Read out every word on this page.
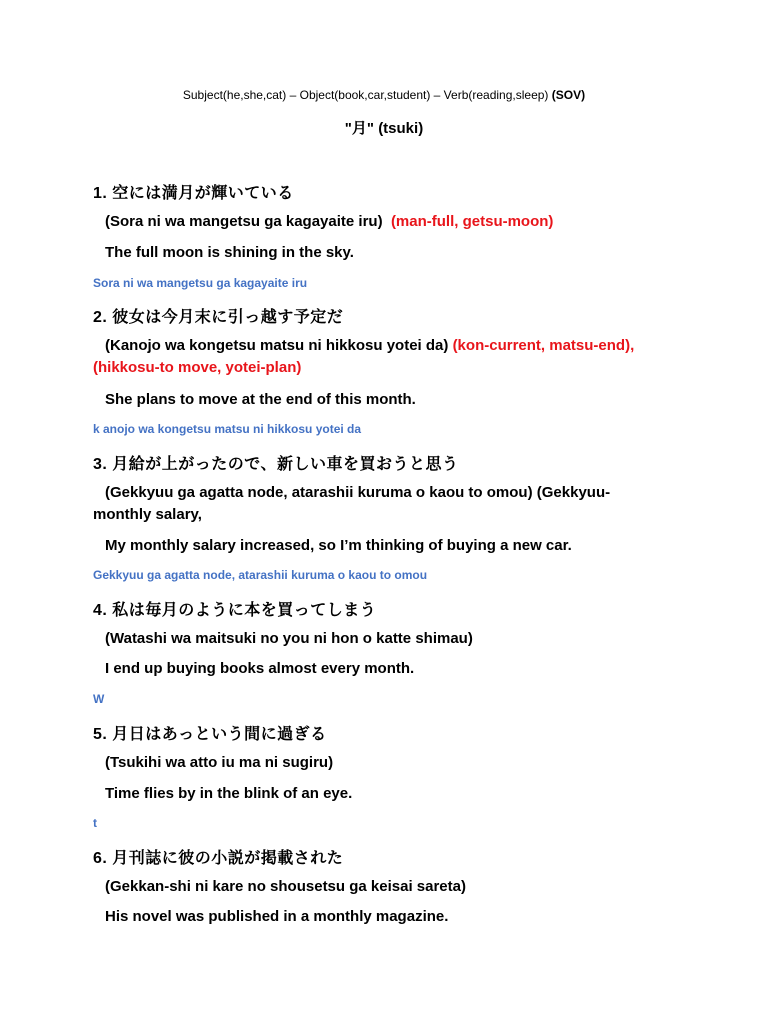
Subject(he,she,cat) – Object(book,car,student) – Verb(reading,sleep) (SOV)
"月" (tsuki)
1. 空には満月が輝いている
(Sora ni wa mangetsu ga kagayaite iru) (man-full, getsu-moon)
The full moon is shining in the sky.
Sora ni wa mangetsu ga kagayaite iru
2. 彼女は今月末に引っ越す予定だ
(Kanojo wa kongetsu matsu ni hikkosu yotei da) (kon-current, matsu-end),
(hikkosu-to move, yotei-plan)
She plans to move at the end of this month.
k anojo wa kongetsu matsu ni hikkosu yotei da
3. 月給が上がったので、新しい車を買おうと思う
(Gekkyuu ga agatta node, atarashii kuruma o kaou to omou) (Gekkyuu-
monthly salary,
My monthly salary increased, so I’m thinking of buying a new car.
Gekkyuu ga agatta node, atarashii kuruma o kaou to omou
4. 私は毎月のように本を買ってしまう
(Watashi wa maitsuki no you ni hon o katte shimau)
I end up buying books almost every month.
W
5. 月日はあっという間に過ぎる
(Tsukihi wa atto iu ma ni sugiru)
Time flies by in the blink of an eye.
t
6. 月刊誌に彼の小説が掲載された
(Gekkan-shi ni kare no shousetsu ga keisai sareta)
His novel was published in a monthly magazine.
